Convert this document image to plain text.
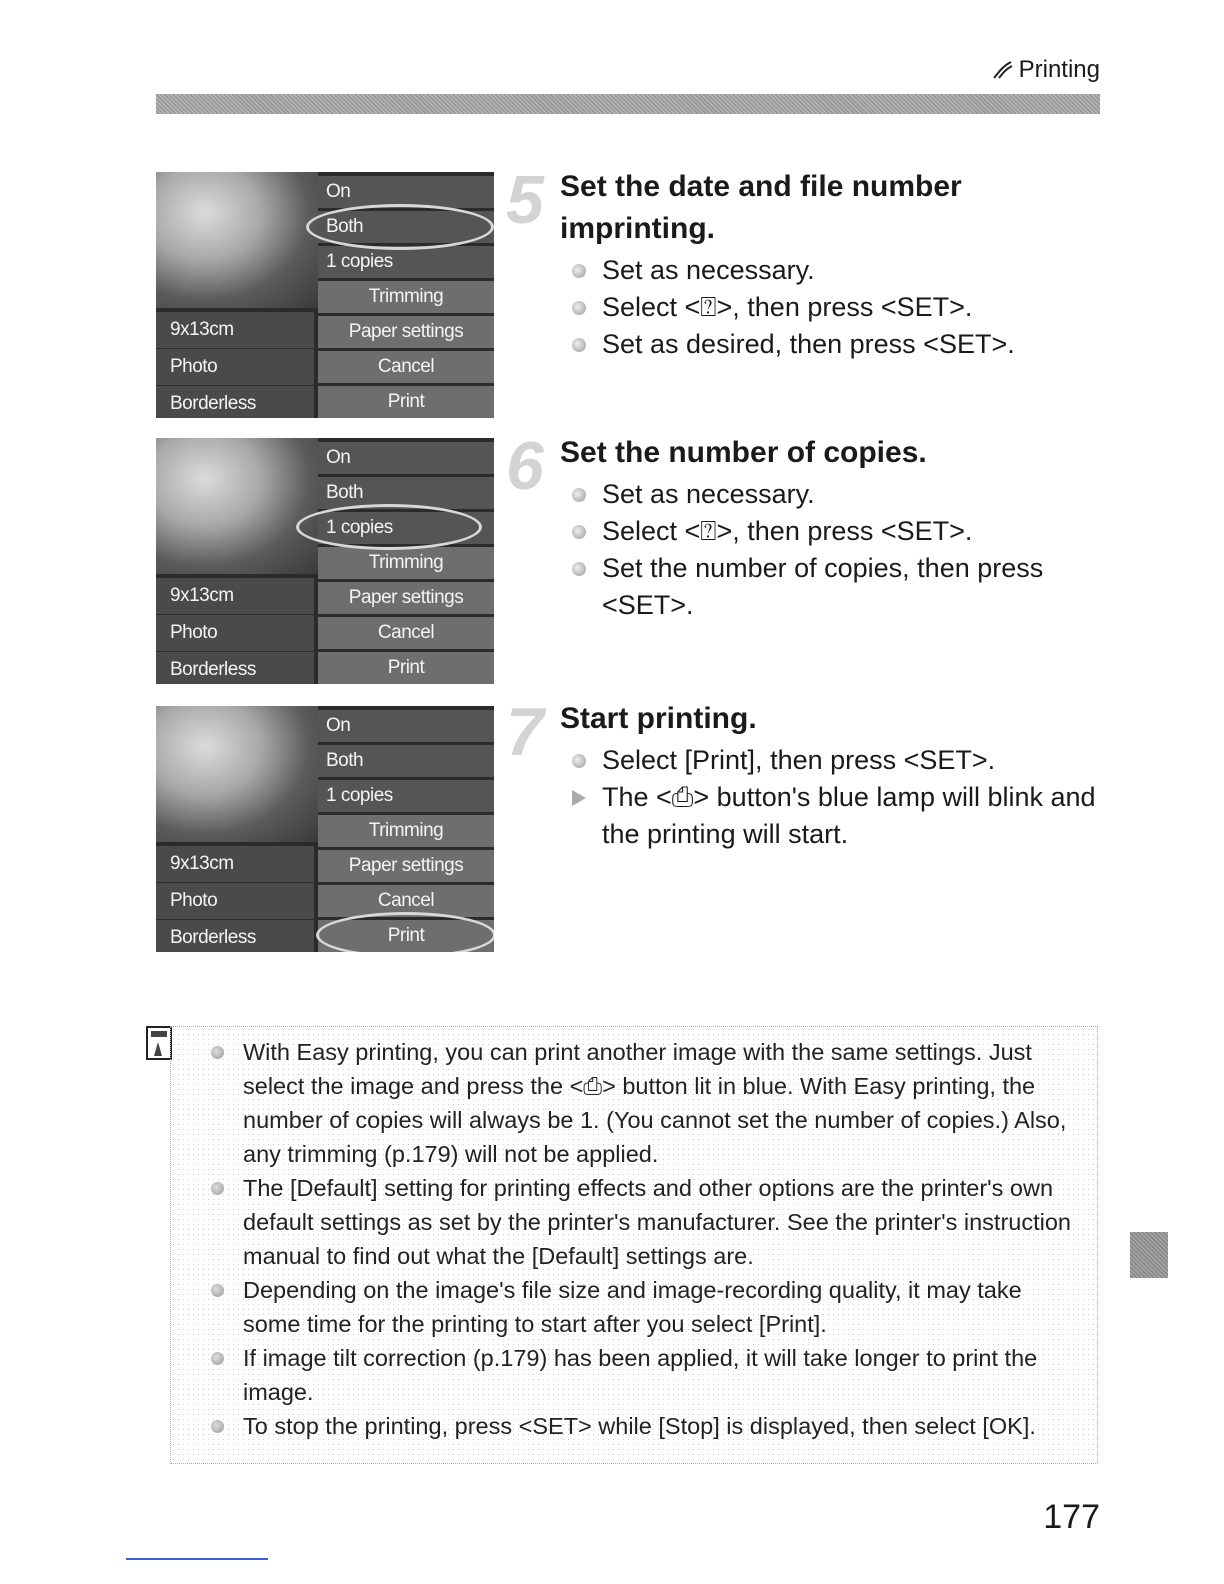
Printing
9x13cm
Photo
Borderless
On
Both
1 copies
Trimming
Paper settings
Cancel
Print
9x13cm
Photo
Borderless
On
Both
1 copies
Trimming
Paper settings
Cancel
Print
9x13cm
Photo
Borderless
On
Both
1 copies
Trimming
Paper settings
Cancel
Print
5 Set the date and file number imprinting.
Set as necessary.
Select <⍰>, then press <SET>.
Set as desired, then press <SET>.
6 Set the number of copies.
Set as necessary.
Select <⍰>, then press <SET>.
Set the number of copies, then press <SET>.
7 Start printing.
Select [Print], then press <SET>.
The <⎙> button's blue lamp will blink and the printing will start.
With Easy printing, you can print another image with the same settings. Just select the image and press the <⎙> button lit in blue. With Easy printing, the number of copies will always be 1. (You cannot set the number of copies.) Also, any trimming (p.179) will not be applied.
The [Default] setting for printing effects and other options are the printer's own default settings as set by the printer's manufacturer. See the printer's instruction manual to find out what the [Default] settings are.
Depending on the image's file size and image-recording quality, it may take some time for the printing to start after you select [Print].
If image tilt correction (p.179) has been applied, it will take longer to print the image.
To stop the printing, press <SET> while [Stop] is displayed, then select [OK].
177
